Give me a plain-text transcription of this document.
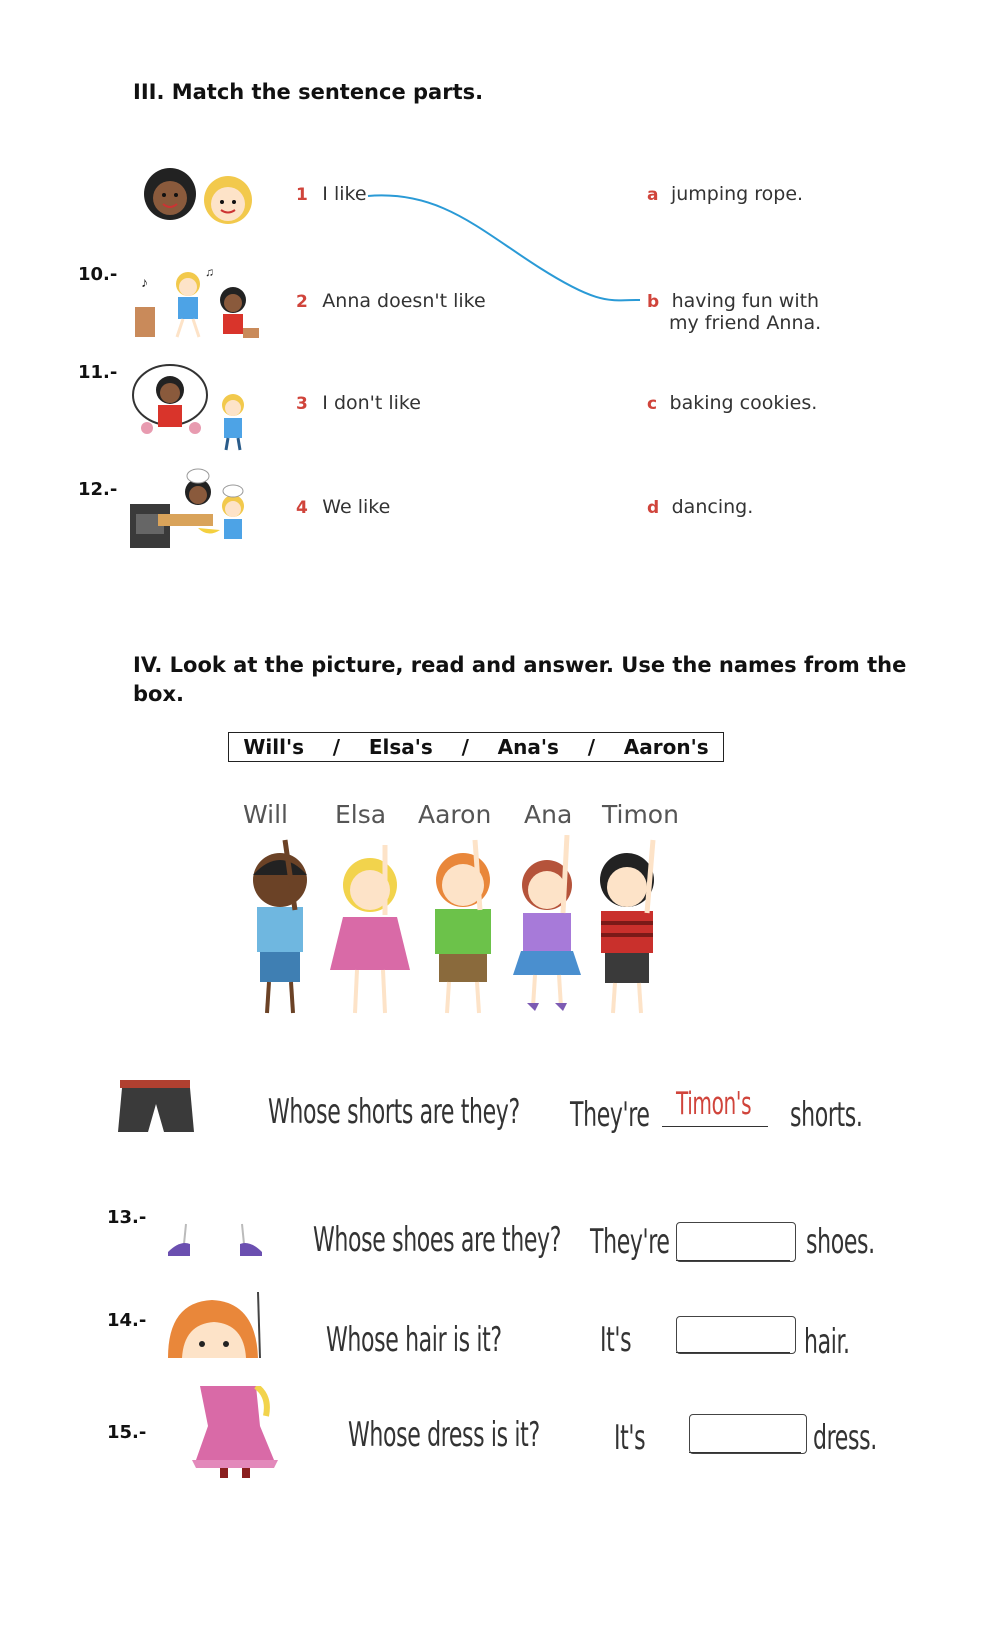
III. Match the sentence parts.
10.-
11.-
12.-
♪
♫
1 I like
2 Anna doesn't like
3 I don't like
4 We like
a jumping rope.
b having fun with
my friend Anna.
c baking cookies.
d dancing.
IV. Look at the picture, read and answer. Use the names from the
box.
Will's / Elsa's / Ana's / Aaron's
Will Elsa Aaron Ana Timon
Whose shorts are they? They're Timon's shorts.
13.-
Whose shoes are they? They're	shoes.
14.-	Whose hair is it?	It's	hair.
15.-	Whose dress is it? It's	dress.
